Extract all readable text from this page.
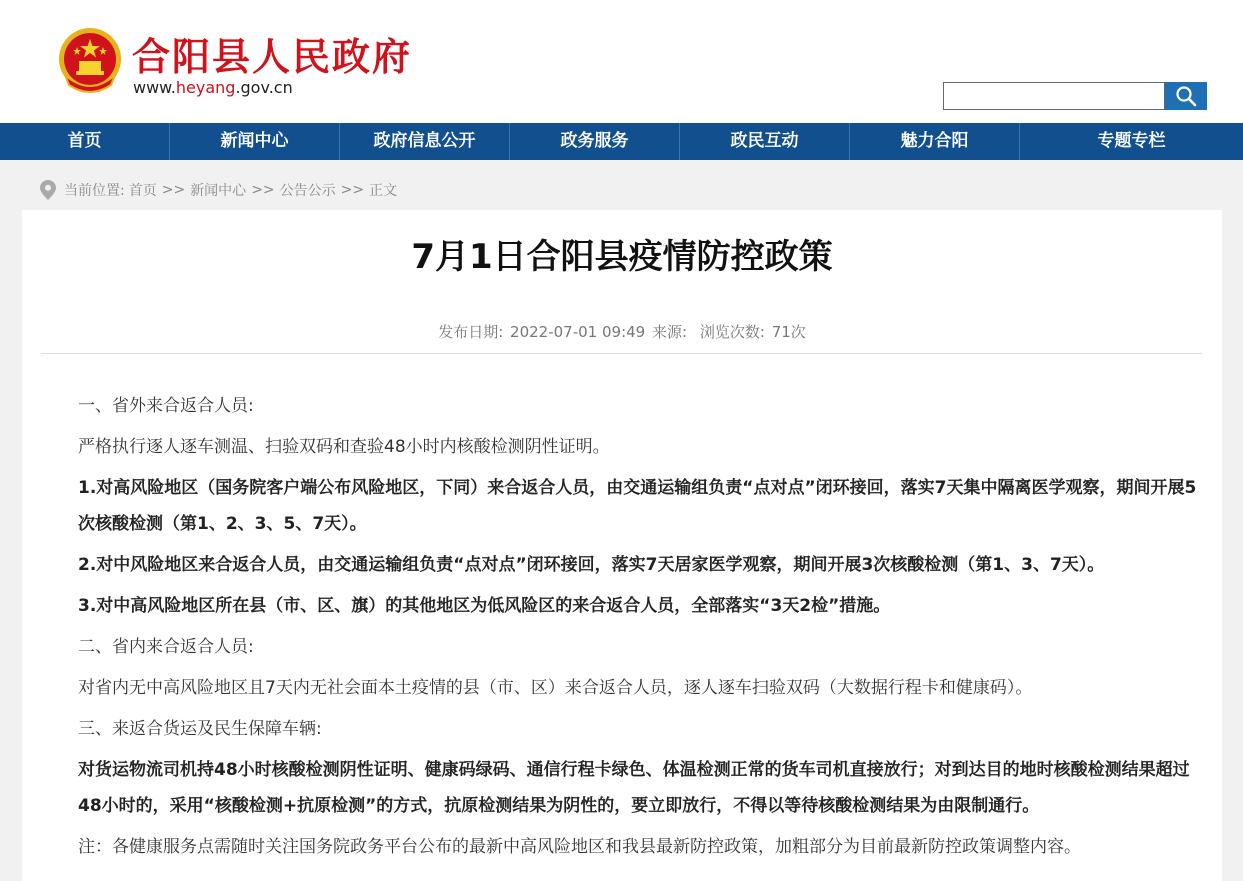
合阳县人民政府
www.heyang.gov.cn
首页	新闻中心	政府信息公开	政务服务	政民互动	魅力合阳	专题专栏
当前位置: 首页 >> 新闻中心 >> 公告公示 >> 正文
7月1日合阳县疫情防控政策
发布日期: 2022-07-01 09:49 来源: 浏览次数: 71次

一、省外来合返合人员:

严格执行逐人逐车测温、扫验双码和查验48小时内核酸检测阴性证明。

1.对高风险地区（国务院客户端公布风险地区，下同）来合返合人员，由交通运输组负责“点对点”闭环接回，落实7天集中隔离医学观察，期间开展5次核酸检测（第1、2、3、5、7天）。

2.对中风险地区来合返合人员，由交通运输组负责“点对点”闭环接回，落实7天居家医学观察，期间开展3次核酸检测（第1、3、7天）。

3.对中高风险地区所在县（市、区、旗）的其他地区为低风险区的来合返合人员，全部落实“3天2检”措施。

二、省内来合返合人员:

对省内无中高风险地区且7天内无社会面本土疫情的县（市、区）来合返合人员，逐人逐车扫验双码（大数据行程卡和健康码）。

三、来返合货运及民生保障车辆:

对货运物流司机持48小时核酸检测阴性证明、健康码绿码、通信行程卡绿色、体温检测正常的货车司机直接放行；对到达目的地时核酸检测结果超过48小时的，采用“核酸检测+抗原检测”的方式，抗原检测结果为阴性的，要立即放行，不得以等待核酸检测结果为由限制通行。

注：各健康服务点需随时关注国务院政务平台公布的最新中高风险地区和我县最新防控政策，加粗部分为目前最新防控政策调整内容。
